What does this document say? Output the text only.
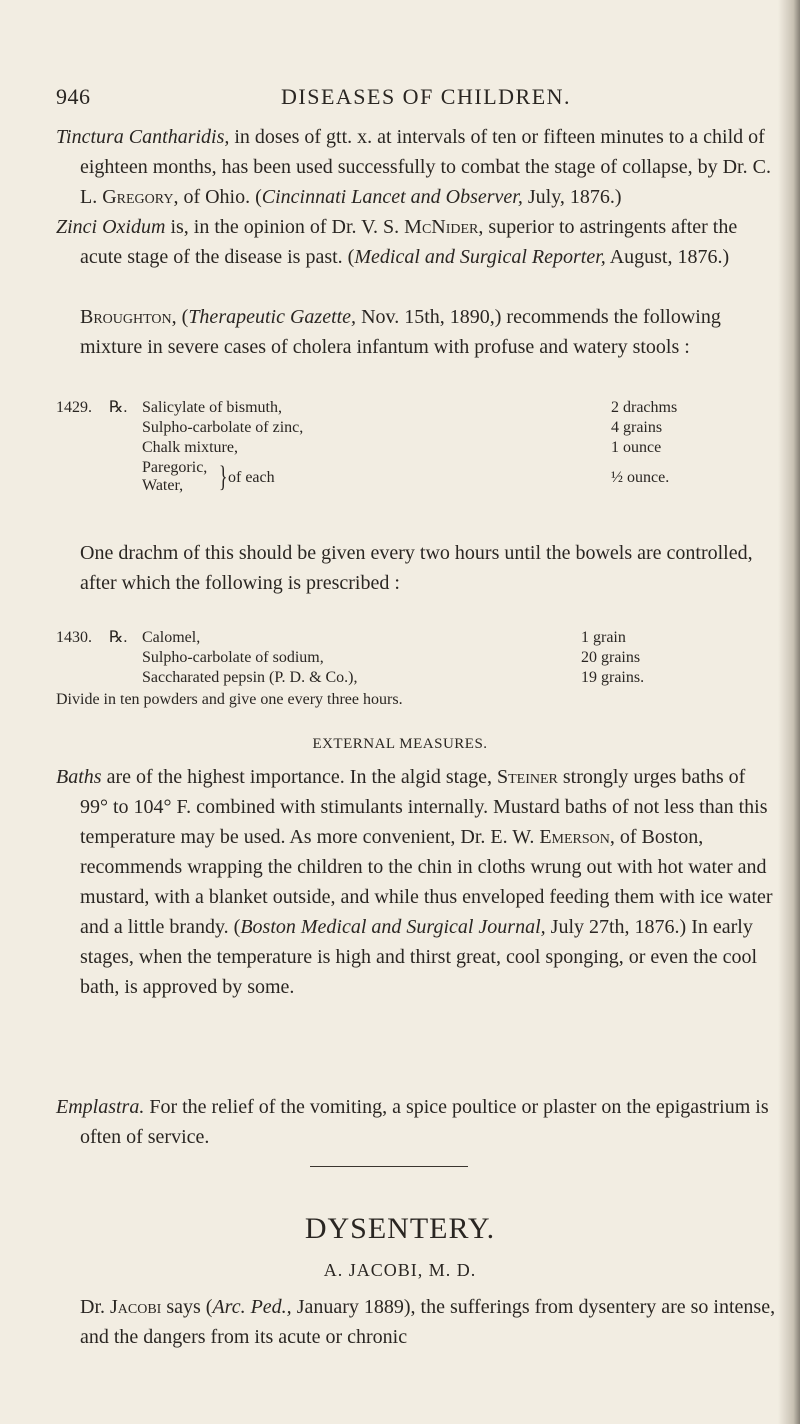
946	DISEASES OF CHILDREN.

Tinctura Cantharidis, in doses of gtt. x. at intervals of ten or fifteen minutes to a child of eighteen months, has been used successfully to combat the stage of collapse, by Dr. C. L. Gregory, of Ohio. (Cincinnati Lancet and Observer, July, 1876.)

Zinci Oxidum is, in the opinion of Dr. V. S. McNider, superior to astringents after the acute stage of the disease is past. (Medical and Surgical Reporter, August, 1876.)

Broughton, (Therapeutic Gazette, Nov. 15th, 1890,) recommends the following mixture in severe cases of cholera infantum with profuse and watery stools :

1429. ℞. Salicylate of bismuth,	2 drachms
Sulpho-carbolate of zinc,	4 grains
Chalk mixture,	1 ounce
Paregoric,
Water, } of each	½ ounce.

One drachm of this should be given every two hours until the bowels are controlled, after which the following is prescribed :

1430. ℞. Calomel,	1 grain
Sulpho-carbolate of sodium,	20 grains
Saccharated pepsin (P. D. & Co.),	19 grains.
Divide in ten powders and give one every three hours.
EXTERNAL MEASURES.

Baths are of the highest importance. In the algid stage, Steiner strongly urges baths of 99° to 104° F. combined with stimulants internally. Mustard baths of not less than this temperature may be used. As more convenient, Dr. E. W. Emerson, of Boston, recommends wrapping the children to the chin in cloths wrung out with hot water and mustard, with a blanket outside, and while thus enveloped feeding them with ice water and a little brandy. (Boston Medical and Surgical Journal, July 27th, 1876.) In early stages, when the temperature is high and thirst great, cool sponging, or even the cool bath, is approved by some.

Emplastra. For the relief of the vomiting, a spice poultice or plaster on the epigastrium is often of service.

DYSENTERY.
A. JACOBI, M. D.

Dr. Jacobi says (Arc. Ped., January 1889), the sufferings from dysentery are so intense, and the dangers from its acute or chronic
